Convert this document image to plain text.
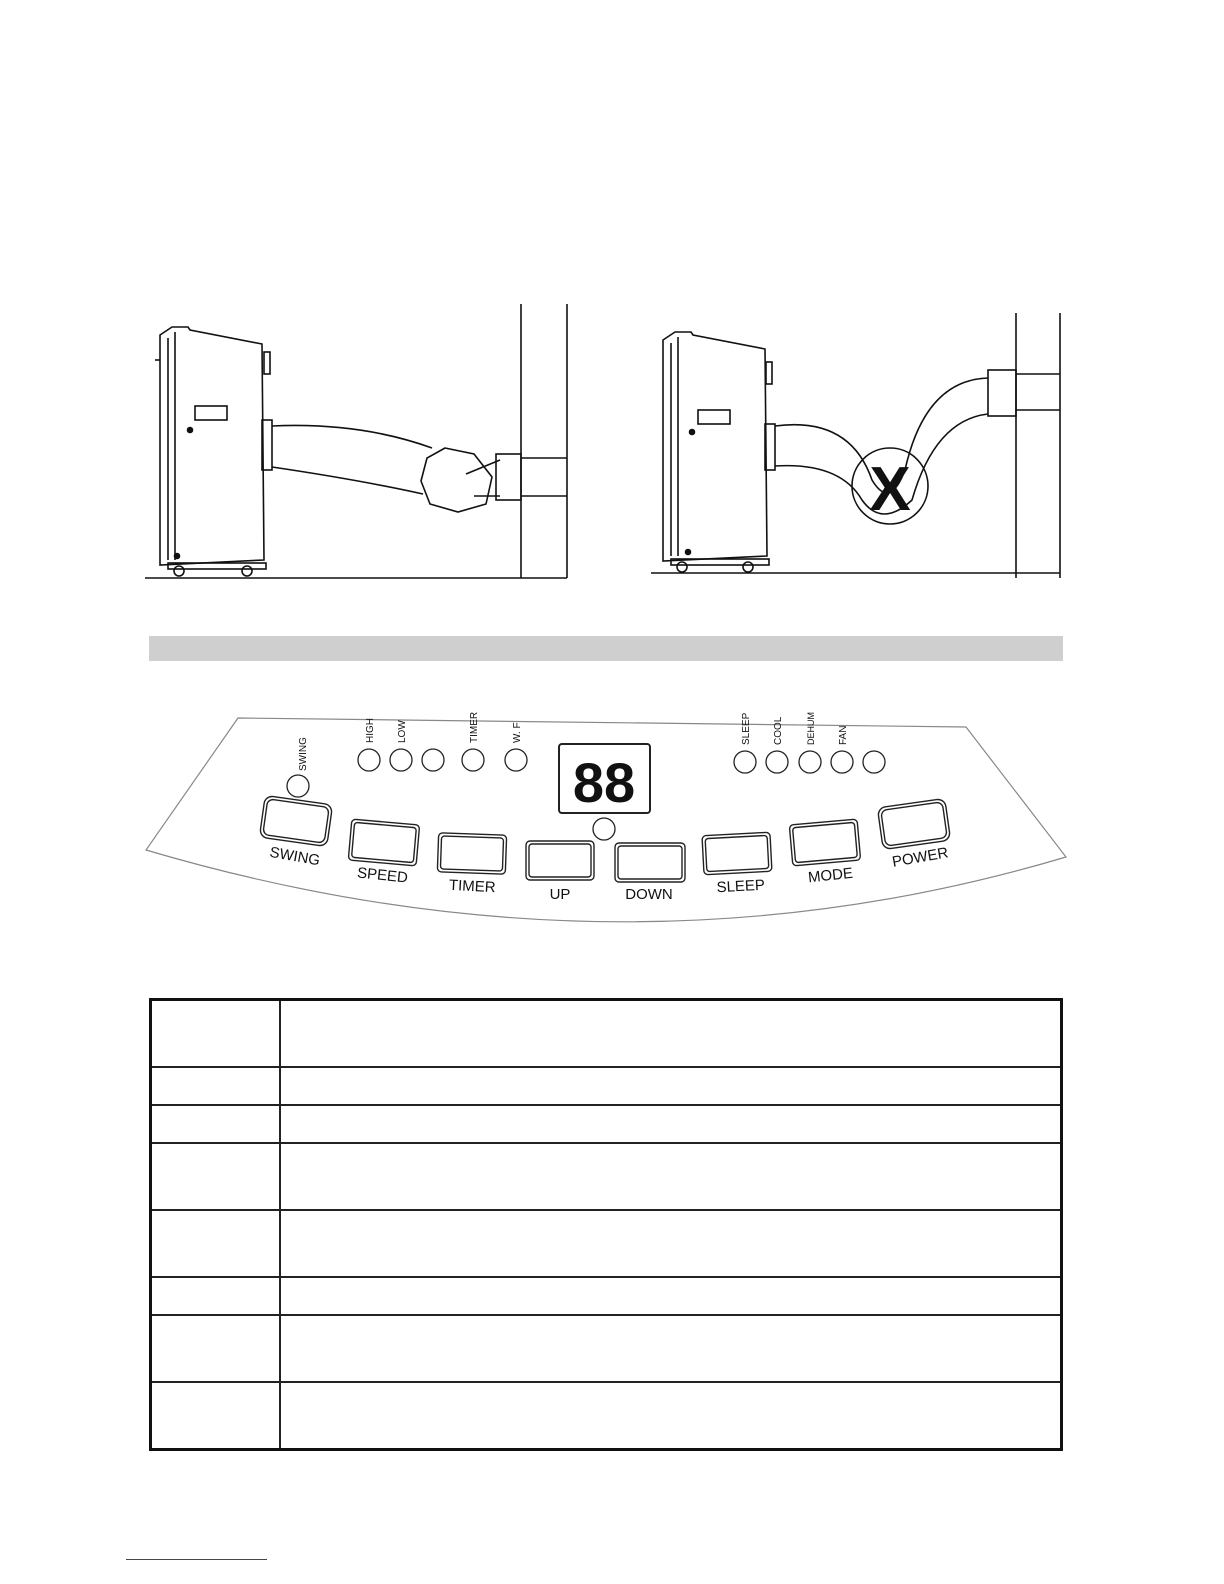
X
88
SWING
HIGH LOW	TIMER	W. F	SLEEP COOL DEHUM FAN
SWING
SPEED	TIMER	UP	DOWN	SLEEP
MODE
POWER
